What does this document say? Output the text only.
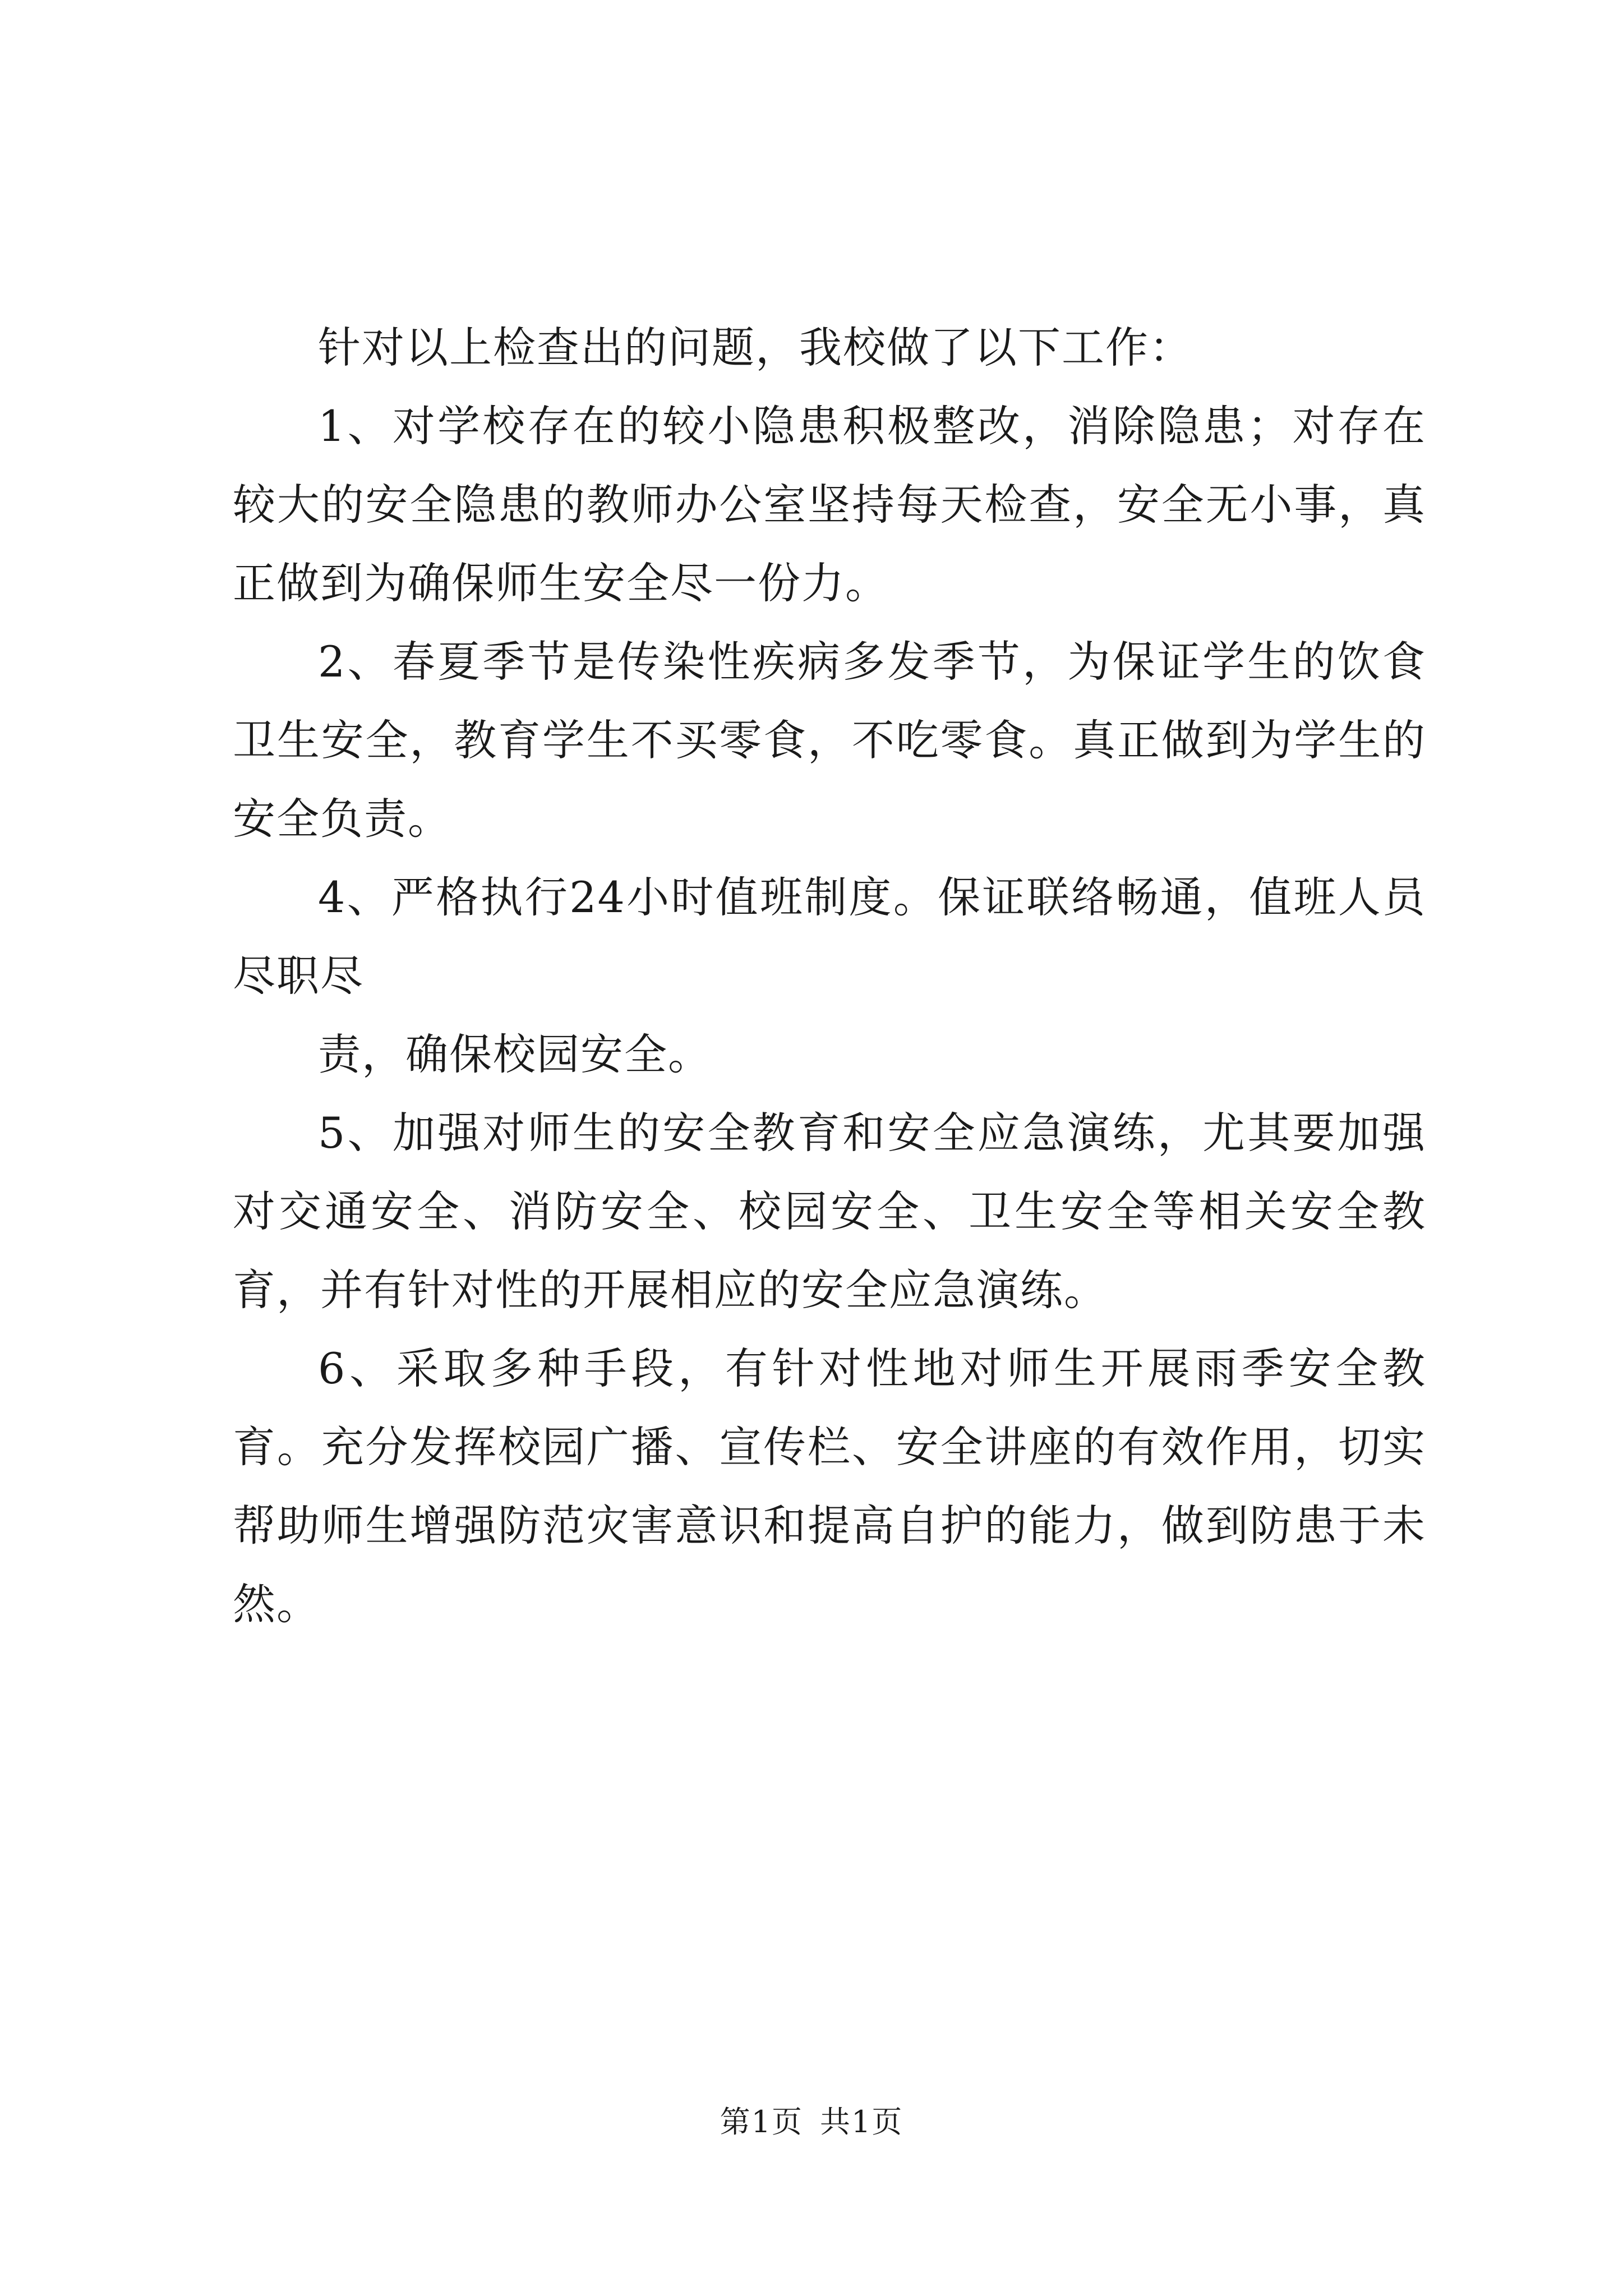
针对以上检查出的问题，我校做了以下工作：

1、对学校存在的较小隐患积极整改，消除隐患；对存在较大的安全隐患的教师办公室坚持每天检查，安全无小事，真正做到为确保师生安全尽一份力。

2、春夏季节是传染性疾病多发季节，为保证学生的饮食卫生安全，教育学生不买零食，不吃零食。真正做到为学生的安全负责。

4、严格执行24小时值班制度。保证联络畅通，值班人员尽职尽

责，确保校园安全。

5、加强对师生的安全教育和安全应急演练，尤其要加强对交通安全、消防安全、校园安全、卫生安全等相关安全教育，并有针对性的开展相应的安全应急演练。

6、采取多种手段，有针对性地对师生开展雨季安全教育。充分发挥校园广播、宣传栏、安全讲座的有效作用，切实帮助师生增强防范灾害意识和提高自护的能力，做到防患于未然。

第1页 共1页
